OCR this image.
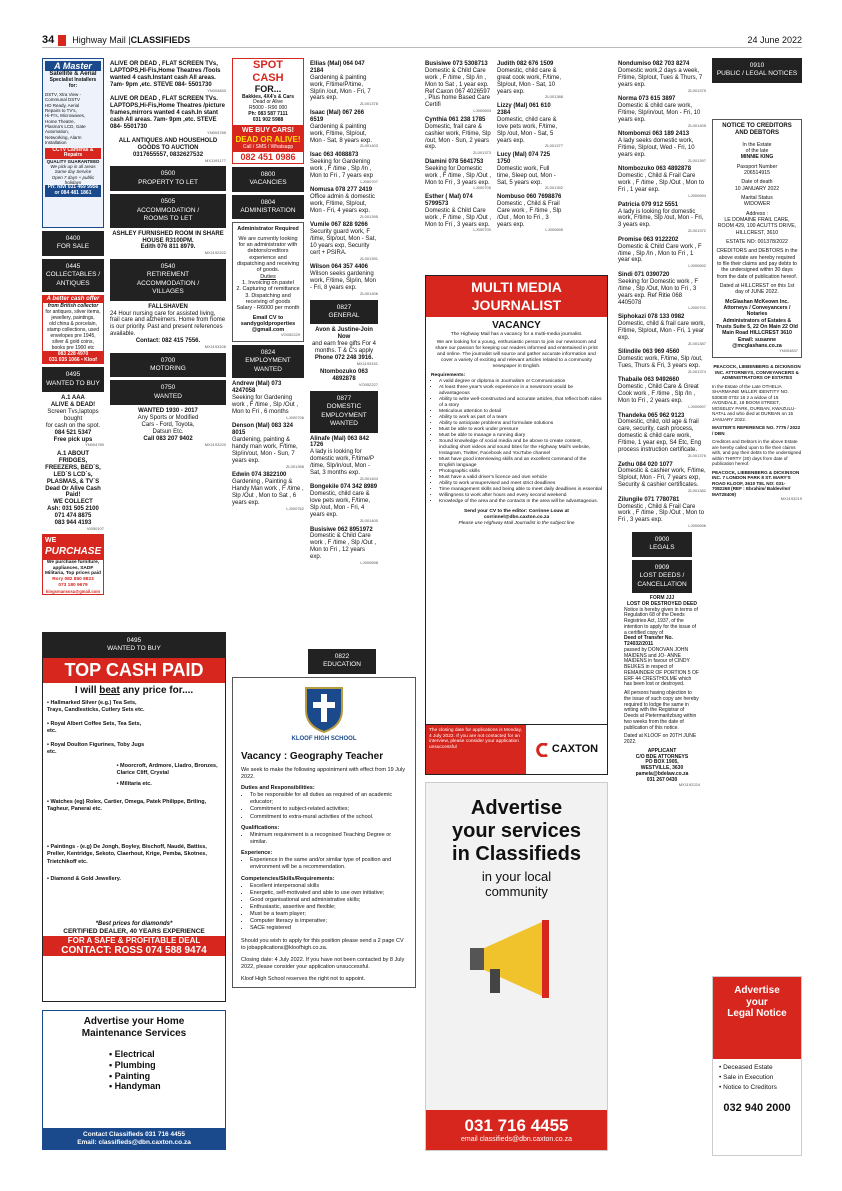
34 Highway Mail | CLASSIFIEDS	24 June 2022
A Master
Satellite & Aerial
Specialist Installers for:
DSTV, Xtra View -
Communal DSTV
HD Ready, Aerial
Repairs to TV's,
Hi-Fi's, Microwaves,
Home Theatre,
Plasma's LCD, Gate Automation,
Networking, Alarm Installation
CCTV Cameras & Repairs
QUALITY GUARANTEED
We pick up in all areas
Same day Service
Open 7 days + public holidays
Ph: Nivi 031 469 9956
or 084 481 1861
0400
FOR SALE
0445
COLLECTABLES /
ANTIQUES
A better cash offer
from British collector
for antiques, silver items,
jewellery, paintings,
old china & porcelain,
stamp collections, used
envelopes pre 1945,
silver & gold coins,
books pre 1900 etc
083 228 4970
031 035 1066 • Kloof
0495
WANTED TO BUY
A.1 AAA
ALIVE & DEAD!
Screen Tvs,laptops bought
for cash on the spot.
084 521 5347
Free pick ups
YN004780
A.1 ABOUT FRIDGES, FREEZERS, BED`S, LED`S LCD`s, PLASMAS, & TV`S
Dead Or Alive Cash Paid!
WE COLLECT
Ash: 031 505 2100
071 474 8875
083 944 4193
VI050107
WE
PURCHASE
We purchase furniture,
appliances, SADF
Militaria, Top prices paid
Rory 082 850 8823
073 180 9679
kingsmansosa@gmail.com
ALIVE OR DEAD , FLAT SCREEN TVs, LAPTOPS,HI-Fis,Home Theatres /Tools wanted 4 cash.Instant cash All areas. 7am- 9pm ,etc. STEVE 084- 5501730
YN004833
ALIVE OR DEAD , FLAT SCREEN TVs. LAPTOPS,Hi-Fis,Home Theatres /picture frames,mirrors wanted 4 cash.In stant cash All areas. 7am- 9pm ,etc. STEVE 084- 5501730
YN004785
ALL ANTIQUES AND HOUSEHOLD GOODS TO AUCTION
0317655557, 0832627532
MX1191177
0500
PROPERTY TO LET
0505
ACCOMMODATION /
ROOMS TO LET
ASHLEY FURNISHED ROOM IN SHARE HOUSE R3100PM.
Edith 076 811 8979.
MX1192222
0540
RETIREMENT
ACCOMMODATION /
VILLAGES
FALLSHAVEN
24 Hour nursing care for assisted living, frail care and alzheimers. Home from home is our priority. Past and present references available.
Contact: 082 415 7556.
MX1193106
0700
MOTORING
0750
WANTED
WANTED 1930 - 2017
Any Sports or Modified
Cars - Ford, Toyota,
Datsun Etc.
Call 083 207 9402
MX1193220
0495
WANTED TO BUY
TOP CASH PAID
I will beat any price for....
• Hallmarked Silver (e.g.) Tea Sets, Trays, Candlesticks, Cutlery Sets etc.
• Royal Albert Coffee Sets, Tea Sets, etc.
• Royal Doulton Figurines, Toby Jugs etc.
• Moorcroft, Ardmore, Lladro, Bronzes, Clarice Cliff, Crystal
• Militaria etc.
• Watches (eg) Rolex, Cartier, Omega, Patek Philippe, Brtling, Tagheur, Panerai etc.
• Paintings - (e.g) De Jongh, Boyley, Bischoff, Naudé, Battiss, Preller, Kentridge, Sekoto, Claerhout, Krige, Pemba, Skotnes, Trietchikoff etc.
• Diamond & Gold Jewellery.
*Best prices for diamonds*
CERTIFIED DEALER, 40 YEARS EXPERIENCE
FOR A SAFE & PROFITABLE DEAL
CONTACT: ROSS 074 588 9474
Advertise your Home
Maintenance Services
• Electrical
• Plumbing
• Painting
• Handyman
Contact Classifieds 031 716 4455
Email: classifieds@dbn.caxton.co.za
SPOT
CASH
FOR...
Bakkies, 4X4's & Cars
Dead or Alive
R5000 - R90 000
Ph: 083 587 7111
031 902 5988
WE BUY CARS!
DEAD OR ALIVE!
Call / SMS / Whatsapp
082 451 0986
0800
VACANCIES
0804
ADMINISTRATION
Administrator Required
We are currently looking for an administrator with debtors/creditors experience and dispatching and receiving of goods.
Duties
1. Invoicing on pastel
2. Capturing of remittance
3. Dispatching and receiving of goods
Salary - R6000 per month
Email CV to
sandygoldproperties
@gmail.com
VO052229
0824
EMPLOYMENT WANTED
Andrew (Mal) 073 4247058
Seeking for Gardening work , F /time , Slp /Out , Mon to Fri , 6 months
LJ000706
Denson (Mal) 083 324 8015
Gardening, painting & handy man work, F/time, Slp/in/out, Mon - Sun, 7 years exp.
ZL001398
Edwin 074 3822100
Gardening , Painting & Handy Man work , F /time , Slp /Out , Mon to Sat , 6 years exp.
LJ000762
Ellias (Mal) 064 047 2184
Gardening & painting work, F/time/P/time, Slp/in /out, Mon - Fri, 7 years exp.
ZL001378
Isaac (Mal) 067 266 6519
Gardening & painting work, F/time, Slp/out, Mon - Sat, 8 years exp.
ZL001403
Isac 063 4088873
Seeking for Gardening work , F /time , Slp /In , Mon to Fri , 7 years exp
LJ000707
Nomusa 078 277 2419
Office admin & domestic work, F/time, Slp/out, Mon - Fri, 4 years exp.
ZL001395
Vumile 067 828 9266
Security guard work, F /time, Slp/out, Mon - Sat, 10 years exp, Security cert + PSIRA.
ZL001391
Wilson 064 357 4406
Wilson seeks gardening work, F/time, Slp/in, Mon - Fri, 8 years exp.
ZL001406
0827
GENERAL
Avon & Justine-Join Now
and earn free gifts For 4 months. T & C's apply
Phone 072 248 3916.
MX1193151
Ntombozuko 063 4892878
VO052227
0877
DOMESTIC EMPLOYMENT
WANTED
Alinafe (Mal) 063 842 1726
A lady is looking for domestic work, F/time/P /time, Slp/in/out, Mon - Sat, 3 months exp.
ZL001404
Bongekile 074 342 8989
Domestic, child care & love pets work, F/time, Slp /out, Mon - Fri, 4 years exp.
ZL001400
Busisiwe 062 8951972
Domestic & Child Care work , F /time , Slp /Out , Mon to Fri , 12 years exp.
LJ000698
0822
EDUCATION
KLOOF HIGH SCHOOL
Vacancy : Geography Teacher
We seek to make the following appointment with effect from 19 July 2022.
Duties and Responsibilities:
• To be responsible for all duties as required of an academic educator;
• Commitment to subject-related activities;
• Commitment to extra-mural activities of the school.
Qualifications:
• Minimum requirement is a recognised Teaching Degree or similar.
Experience:
• Experience in the same and/or similar type of position and environment will be a recommendation.
Competencies/Skills/Requirements:
• Excellent interpersonal skills
• Energetic, self-motivated and able to use own initiative;
• Good organisational and administrative skills;
• Enthusiastic, assertive and flexible;
• Must be a team player;
• Computer literacy is imperative;
• SACE registered
Should you wish to apply for this position please send a 2 page CV to jobapplications@kloofhigh.co.za.
Closing date: 4 July 2022. If you have not been contacted by 8 July 2022, please consider your application unsuccessful.
Kloof High School reserves the right not to appoint.
Busisiwe 073 5308713
Domestic & Child Care work , F /time , Slp /in , Mon to Sat , 1 year exp. Ref Caxon 067 4026597 , Plus home Based Care Certifi
LJ000693
Cynthia 061 238 1785
Domestic, frail care & cashier work, F/time, Slp /out, Mon - Sun, 2 years exp.
ZL001373
Dlamini 078 5641753
Seeking for Domestic work , F /time , Slp /Out , Mon to Fri , 3 years exp.
LJ000705
Esther ( Mal) 074 5799573
Domestic & Child Care work , F /time , Slp /Out , Mon to Fri , 3 years exp.
LJ000700
Judith 082 676 1509
Domestic, child care & great cook work, F/time, Slp/out, Mon - Sat, 10 years exp.
ZL001388
Lizzy (Mal) 061 610 2384
Domestic, child care & love pets work, F/time, Slp /out, Mon - Sat, 5 years exp.
ZL001377
Lucy (Mal) 074 725 1750
Domestic work, Full time, Sleep out, Mon - Sat, 5 years exp.
ZL001392
Nombuso 060 7698876
Domestic , Child & Frail Care work , F /time , Slp /Out , Mon to Fri , 3 years exp.
LJ000695
MULTI MEDIA
JOURNALIST
VACANCY
The Highway Mail has a vacancy for a multi-media journalist.
We are looking for a young, enthusiastic person to join our newsroom and share our passion for keeping our readers informed and entertained in print and online. The journalist will source and gather accurate information and cover a variety of exciting and relevant articles related to a community newspaper in English.
Requirements:
• A valid degree or diploma in Journalism or Communication
• At least three year's work experience in a newsroom would be advantageous
• Ability to write well-constructed and accurate articles, that reflect both sides of a story
• Meticulous attention to detail
• Ability to work as part of a team
• Ability to anticipate problems and formulate solutions
• Must be able to work under pressure
• Must be able to manage a running diary
• Sound knowledge of social media and be above to create content, including short videos and sound bites for the Highway Mail's website, Instagram, Twitter, Facebook and YouTube channel
• Must have good interviewing skills and an excellent command of the English language
• Photographic skills
• Must have a valid driver's licence and own vehicle
• Ability to work unsupervised and meet strict deadlines
• Time management skills and being able to meet daily deadlines is essential
• Willingness to work after hours and every second weekend
• Knowledge of the area and the contacts in the area will be advantageous.
Send your CV to the editor: Corrinne Louw at
corrinnel@dbn.caxton.co.za
Please use Highway Mail Journalist in the subject line
The closing date for applications is Monday, 4 July 2022. If you are not contacted for an interview, please consider your application unsuccessful	CAXTON
Advertise
your services
in Classifieds
in your local
community
031 716 4455
email classifieds@dbn.caxton.co.za
Nondumiso 082 703 8274
Domestic work,2 days a week, F/time, Slp/out, Tues & Thurs, 7 years exp.
ZL001375
Norma 073 615 3897
Domestic & child care work, F/time, Slp/in/out, Mon - Fri, 10 years exp.
ZL001405
Ntombomzi 063 189 2413
A lady seeks domestic work, F/time, Slp/out, Wed - Fri, 10 years exp.
ZL001397
Ntombozuko 063 4892878
Domestic , Child & Frail Care work , F /time , Slp /Out , Mon to Fri , 1 year exp.
LJ000694
Patricia 079 912 5551
A lady is looking for domestic work, F/time, Slp /out, Mon - Fri, 3 years exp.
ZL001372
Promise 063 9122202
Domestic & Child Care work , F /time , Slp /In , Mon to Fri , 1 year exp.
LJ000692
Sindi 071 0390720
Seeking for Domestic work , F /time , Slp /Out, Mon to Fri , 3 years exp. Ref Ritie 068 4405078
LJ000701
Siphokazi 078 133 0982
Domestic, child & frail care work, F/time, Slp/out, Mon - Fri, 1 year exp.
ZL001387
Silindile 063 969 4560
Domestic work, F/time, Slp /out, Tues, Thurs & Fri, 3 years exp.
ZL001374
Thabaile 063 9492660
Domestic , Child Care & Great Cook work , F /time , Slp /In , Mon to Fri , 2 years exp.
LJ000697
Thandeka 065 962 9123
Domestic, child, old age & frail care, security, cash process, domestic & child care work, F/time, 1 year exp, S4 Etc, Eng process instruction certificate.
ZL001376
Zethu 084 020 1077
Domestic & cashier work, F/time, Slp/out, Mon - Fri, 7 years exp, Security & cashier certificates.
ZL001382
Zilungile 071 7780781
Domestic , Child & Frail Care work , F /time , Slp /Out , Mon to Fri , 3 years exp.
LJ000696
0900
LEGALS
0909
LOST DEEDS /
CANCELLATION
FORM JJJ
LOST OR DESTROYED DEED
Notice is hereby given in terms of Regulation 68 of the Deeds Registries Act, 1937, of the intention to apply for the issue of a certified copy of
Deed of Transfer No. T24032/2011
passed by DONOVAN JOHN MAIDENS and JO- ANNE MAIDENS in favour of CINDY BEUKES in respect of REMAINDER OF PORTION 5 OF ERF 44 CRESTHOLME which has been lost or destroyed.
All persons having objection to the issue of such copy are hereby required to lodge the same in writing with the Registrar of Deeds at Pietermaritzburg within two weeks from the date of publication of this notice.
Dated at KLOOF on 20TH JUNE 2022.
APPLICANT
C/O BDE ATTORNEYS
PO BOX 1905,
WESTVILLE, 3630
pamela@bdelaw.co.za
031 267 0430
MX1192224
0910
PUBLIC / LEGAL NOTICES
NOTICE TO CREDITORS AND DEBTORS
In the Estate
of the late
MINNIE KING
Passport Number
206514915
Date of death
10 JANUARY 2022
Marital Status
WIDOWER
Address :
LE DOMAINE FRAIL CARE, ROOM 429, 100 ACUTTS DRIVE, HILLCREST, 3610
ESTATE NO: 001378/2022
CREDITORS and DEBTORS in the above estate are hereby required to file their claims and pay debts to the undersigned within 30 days from the date of publication hereof.
Dated at HILLCREST on this 1st day of JUNE 2022.
McGlashan McKeown Inc. Attorneys / Conveyancers / Notaries
Administrators of Estates & Trusts Suite 5, 22 On Main 22 Old Main Road HILLCREST 3610
Email: susanne @mcglashans.co.za
YN004837
PEACOCK, LIEBENBERG & DICKINSON INC. ATTORNEYS, CONVEYANCERS & ADMINISTRATORS OF ESTATES
In the Estate of the Late OTHELIA SHARMAINE MILLER IDENTITY NO. 530830 0702 18 2 a widow of 15 AVONDALE, 18 BOOM STREET, MOSELEY PARK, DURBAN, KWAZULU-NATAL and who died at DURBAN on 15 JANUARY 2022.
MASTER'S REFERENCE NO. 7775 / 2022 / DBN
Creditors and Debtors in the above Estate are hereby called upon to file their claims with, and pay their debts to the undersigned within THIRTY (30) days from date of publication hereof.
PEACOCK, LIEBENBERG & DICKINSON INC. 7 LONDON PARK 8 ST. MARY'S ROAD KLOOF, 3610 TEL NO: 031- 7082268 (REF : Ebrahim/ Baldev/mr/ MAT28409)
MX1193219
Advertise
your
Legal Notice
• Deceased Estate
• Sale in Execution
• Notice to Creditors
032 940 2000
